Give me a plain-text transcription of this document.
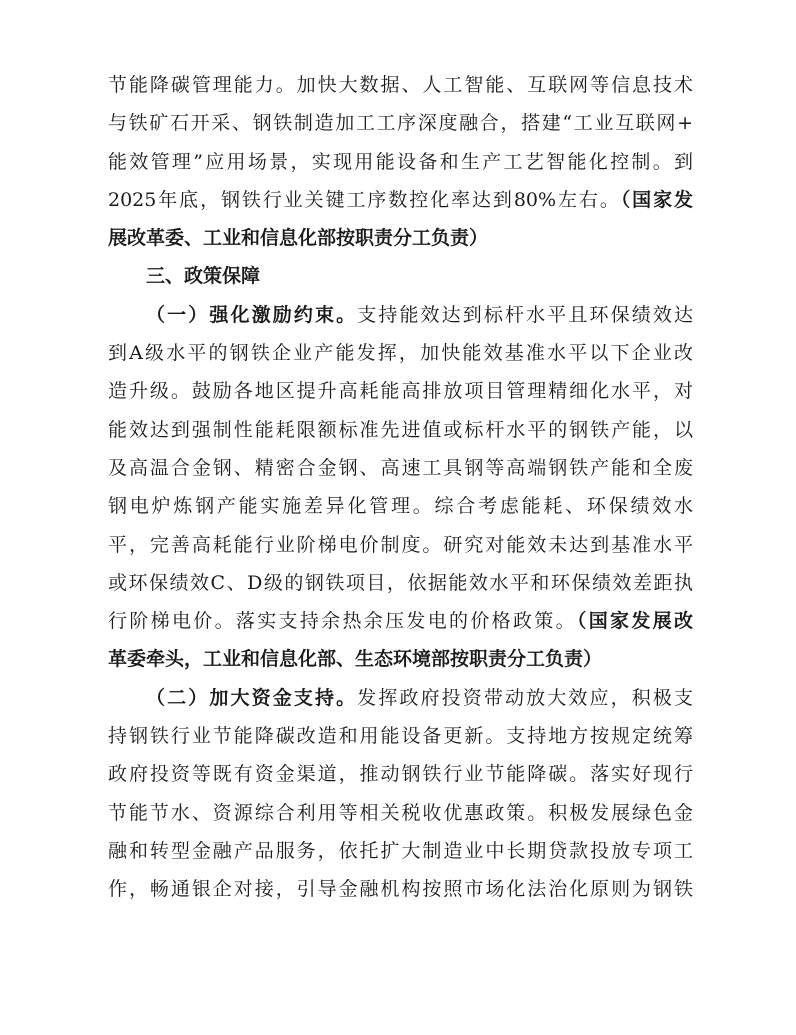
节能降碳管理能力。加快大数据、人工智能、互联网等信息技术
与铁矿石开采、钢铁制造加工工序深度融合，搭建“工业互联网+
能效管理”应用场景，实现用能设备和生产工艺智能化控制。到
2025年底，钢铁行业关键工序数控化率达到80%左右。（国家发
展改革委、工业和信息化部按职责分工负责）
三、政策保障
（一）强化激励约束。支持能效达到标杆水平且环保绩效达
到A级水平的钢铁企业产能发挥，加快能效基准水平以下企业改
造升级。鼓励各地区提升高耗能高排放项目管理精细化水平，对
能效达到强制性能耗限额标准先进值或标杆水平的钢铁产能，以
及高温合金钢、精密合金钢、高速工具钢等高端钢铁产能和全废
钢电炉炼钢产能实施差异化管理。综合考虑能耗、环保绩效水
平，完善高耗能行业阶梯电价制度。研究对能效未达到基准水平
或环保绩效C、D级的钢铁项目，依据能效水平和环保绩效差距执
行阶梯电价。落实支持余热余压发电的价格政策。（国家发展改
革委牵头，工业和信息化部、生态环境部按职责分工负责）
（二）加大资金支持。发挥政府投资带动放大效应，积极支
持钢铁行业节能降碳改造和用能设备更新。支持地方按规定统筹
政府投资等既有资金渠道，推动钢铁行业节能降碳。落实好现行
节能节水、资源综合利用等相关税收优惠政策。积极发展绿色金
融和转型金融产品服务，依托扩大制造业中长期贷款投放专项工
作，畅通银企对接，引导金融机构按照市场化法治化原则为钢铁
